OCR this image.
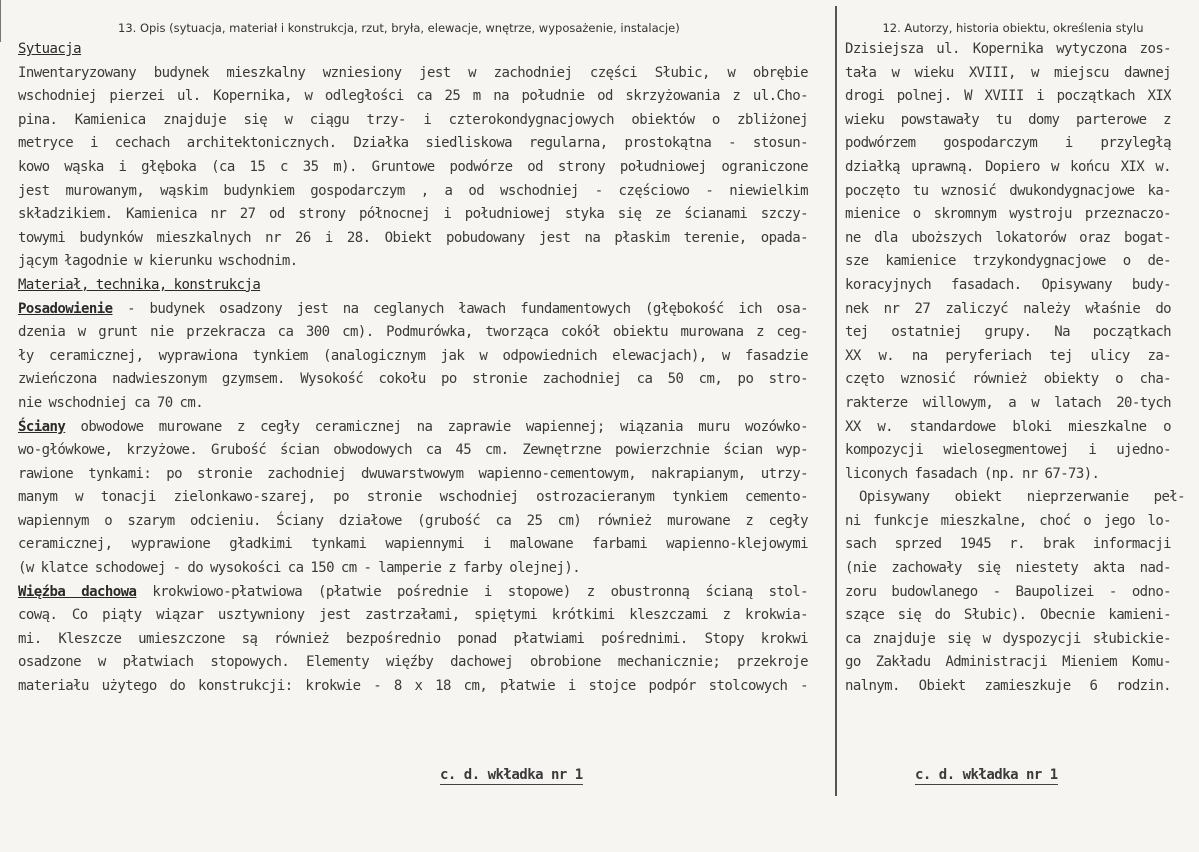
13. Opis (sytuacja, materiał i konstrukcja, rzut, bryła, elewacje, wnętrze, wyposażenie, instalacje)
Sytuacja
Inwentaryzowany budynek mieszkalny wzniesiony jest w zachodniej części Słubic, w obrębie
wschodniej pierzei ul. Kopernika, w odległości ca 25 m na południe od skrzyżowania z ul.Cho-
pina. Kamienica znajduje się w ciągu trzy- i czterokondygnacjowych obiektów o zbliżonej
metryce i cechach architektonicznych. Działka siedliskowa regularna, prostokątna - stosun-
kowo wąska i głęboka (ca 15 c 35 m). Gruntowe podwórze od strony południowej ograniczone
jest murowanym, wąskim budynkiem gospodarczym , a od wschodniej - częściowo - niewielkim
składzikiem. Kamienica nr 27 od strony północnej i południowej styka się ze ścianami szczy-
towymi budynków mieszkalnych nr 26 i 28. Obiekt pobudowany jest na płaskim terenie, opada-
jącym łagodnie w kierunku wschodnim.
Materiał, technika, konstrukcja
Posadowienie - budynek osadzony jest na ceglanych ławach fundamentowych (głębokość ich osa-
dzenia w grunt nie przekracza ca 300 cm). Podmurówka, tworząca cokół obiektu murowana z ceg-
ły ceramicznej, wyprawiona tynkiem (analogicznym jak w odpowiednich elewacjach), w fasadzie
zwieńczona nadwieszonym gzymsem. Wysokość cokołu po stronie zachodniej ca 50 cm, po stro-
nie wschodniej ca 70 cm.
Ściany obwodowe murowane z cegły ceramicznej na zaprawie wapiennej; wiązania muru wozówko-
wo-główkowe, krzyżowe. Grubość ścian obwodowych ca 45 cm. Zewnętrzne powierzchnie ścian wyp-
rawione tynkami: po stronie zachodniej dwuwarstwowym wapienno-cementowym, nakrapianym, utrzy-
manym w tonacji zielonkawo-szarej, po stronie wschodniej ostrozacieranym tynkiem cemento-
wapiennym o szarym odcieniu. Ściany działowe (grubość ca 25 cm) również murowane z cegły
ceramicznej, wyprawione gładkimi tynkami wapiennymi i malowane farbami wapienno-klejowymi
(w klatce schodowej - do wysokości ca 150 cm - lamperie z farby olejnej).
Więźba dachowa krokwiowo-płatwiowa (płatwie pośrednie i stopowe) z obustronną ścianą stol-
cową. Co piąty wiązar usztywniony jest zastrzałami, spiętymi krótkimi kleszczami z krokwia-
mi. Kleszcze umieszczone są również bezpośrednio ponad płatwiami pośrednimi. Stopy krokwi
osadzone w płatwiach stopowych. Elementy więźby dachowej obrobione mechanicznie; przekroje
materiału użytego do konstrukcji: krokwie - 8 x 18 cm, płatwie i stojce podpór stolcowych -
c. d. wkładka nr 1
12. Autorzy, historia obiektu, określenia stylu
Dzisiejsza ul. Kopernika wytyczona zos-
tała w wieku XVIII, w miejscu dawnej
drogi polnej. W XVIII i początkach XIX
wieku powstawały tu domy parterowe z
podwórzem gospodarczym i przyległą
działką uprawną. Dopiero w końcu XIX w.
poczęto tu wznosić dwukondygnacjowe ka-
mienice o skromnym wystroju przeznaczo-
ne dla uboższych lokatorów oraz bogat-
sze kamienice trzykondygnacjowe o de-
koracyjnych fasadach. Opisywany budy-
nek nr 27 zaliczyć należy właśnie do
tej ostatniej grupy. Na początkach
XX w. na peryferiach tej ulicy za-
częto wznosić również obiekty o cha-
rakterze willowym, a w latach 20-tych
XX w. standardowe bloki mieszkalne o
kompozycji wielosegmentowej i ujedno-
liconych fasadach (np. nr 67-73).
Opisywany obiekt nieprzerwanie peł-
ni funkcje mieszkalne, choć o jego lo-
sach sprzed 1945 r. brak informacji
(nie zachowały się niestety akta nad-
zoru budowlanego - Baupolizei - odno-
szące się do Słubic). Obecnie kamieni-
ca znajduje się w dyspozycji słubickie-
go Zakładu Administracji Mieniem Komu-
nalnym. Obiekt zamieszkuje 6 rodzin.
c. d. wkładka nr 1
